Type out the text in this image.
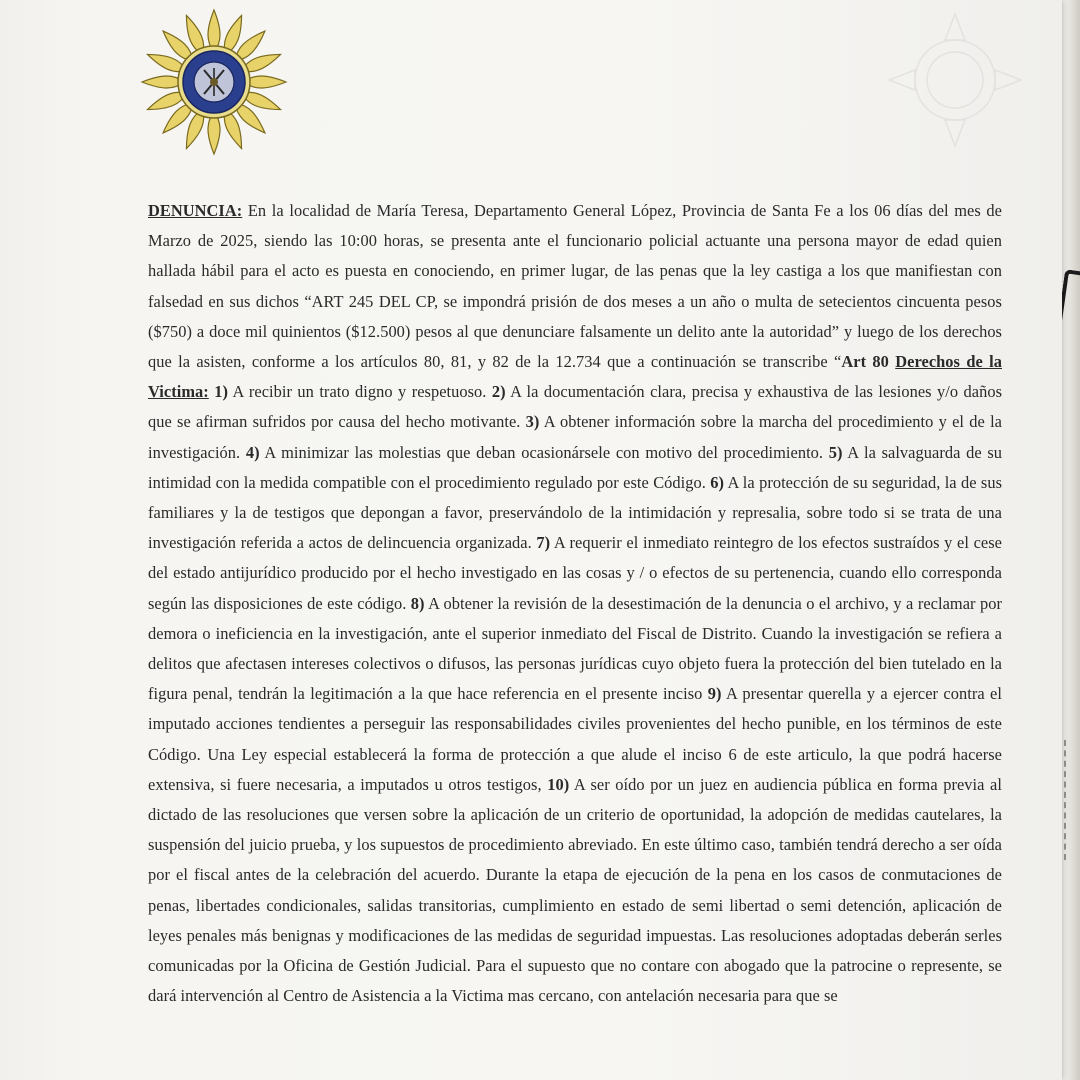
DENUNCIA: En la localidad de María Teresa, Departamento General López, Provincia de Santa Fe a los 06 días del mes de Marzo de 2025, siendo las 10:00 horas, se presenta ante el funcionario policial actuante una persona mayor de edad quien hallada hábil para el acto es puesta en conociendo, en primer lugar, de las penas que la ley castiga a los que manifiestan con falsedad en sus dichos “ART 245 DEL CP, se impondrá prisión de dos meses a un año o multa de setecientos cincuenta pesos ($750) a doce mil quinientos ($12.500) pesos al que denunciare falsamente un delito ante la autoridad” y luego de los derechos que la asisten, conforme a los artículos 80, 81, y 82 de la 12.734 que a continuación se transcribe “Art 80 Derechos de la Victima: 1) A recibir un trato digno y respetuoso. 2) A la documentación clara, precisa y exhaustiva de las lesiones y/o daños que se afirman sufridos por causa del hecho motivante. 3) A obtener información sobre la marcha del procedimiento y el de la investigación. 4) A minimizar las molestias que deban ocasionársele con motivo del procedimiento. 5) A la salvaguarda de su intimidad con la medida compatible con el procedimiento regulado por este Código. 6) A la protección de su seguridad, la de sus familiares y la de testigos que depongan a favor, preservándolo de la intimidación y represalia, sobre todo si se trata de una investigación referida a actos de delincuencia organizada. 7) A requerir el inmediato reintegro de los efectos sustraídos y el cese del estado antijurídico producido por el hecho investigado en las cosas y / o efectos de su pertenencia, cuando ello corresponda según las disposiciones de este código. 8) A obtener la revisión de la desestimación de la denuncia o el archivo, y a reclamar por demora o ineficiencia en la investigación, ante el superior inmediato del Fiscal de Distrito. Cuando la investigación se refiera a delitos que afectasen intereses colectivos o difusos, las personas jurídicas cuyo objeto fuera la protección del bien tutelado en la figura penal, tendrán la legitimación a la que hace referencia en el presente inciso 9) A presentar querella y a ejercer contra el imputado acciones tendientes a perseguir las responsabilidades civiles provenientes del hecho punible, en los términos de este Código. Una Ley especial establecerá la forma de protección a que alude el inciso 6 de este articulo, la que podrá hacerse extensiva, si fuere necesaria, a imputados u otros testigos, 10) A ser oído por un juez en audiencia pública en forma previa al dictado de las resoluciones que versen sobre la aplicación de un criterio de oportunidad, la adopción de medidas cautelares, la suspensión del juicio prueba, y los supuestos de procedimiento abreviado. En este último caso, también tendrá derecho a ser oída por el fiscal antes de la celebración del acuerdo. Durante la etapa de ejecución de la pena en los casos de conmutaciones de penas, libertades condicionales, salidas transitorias, cumplimiento en estado de semi libertad o semi detención, aplicación de leyes penales más benignas y modificaciones de las medidas de seguridad impuestas. Las resoluciones adoptadas deberán serles comunicadas por la Oficina de Gestión Judicial. Para el supuesto que no contare con abogado que la patrocine o represente, se dará intervención al Centro de Asistencia a la Victima mas cercano, con antelación necesaria para que se
